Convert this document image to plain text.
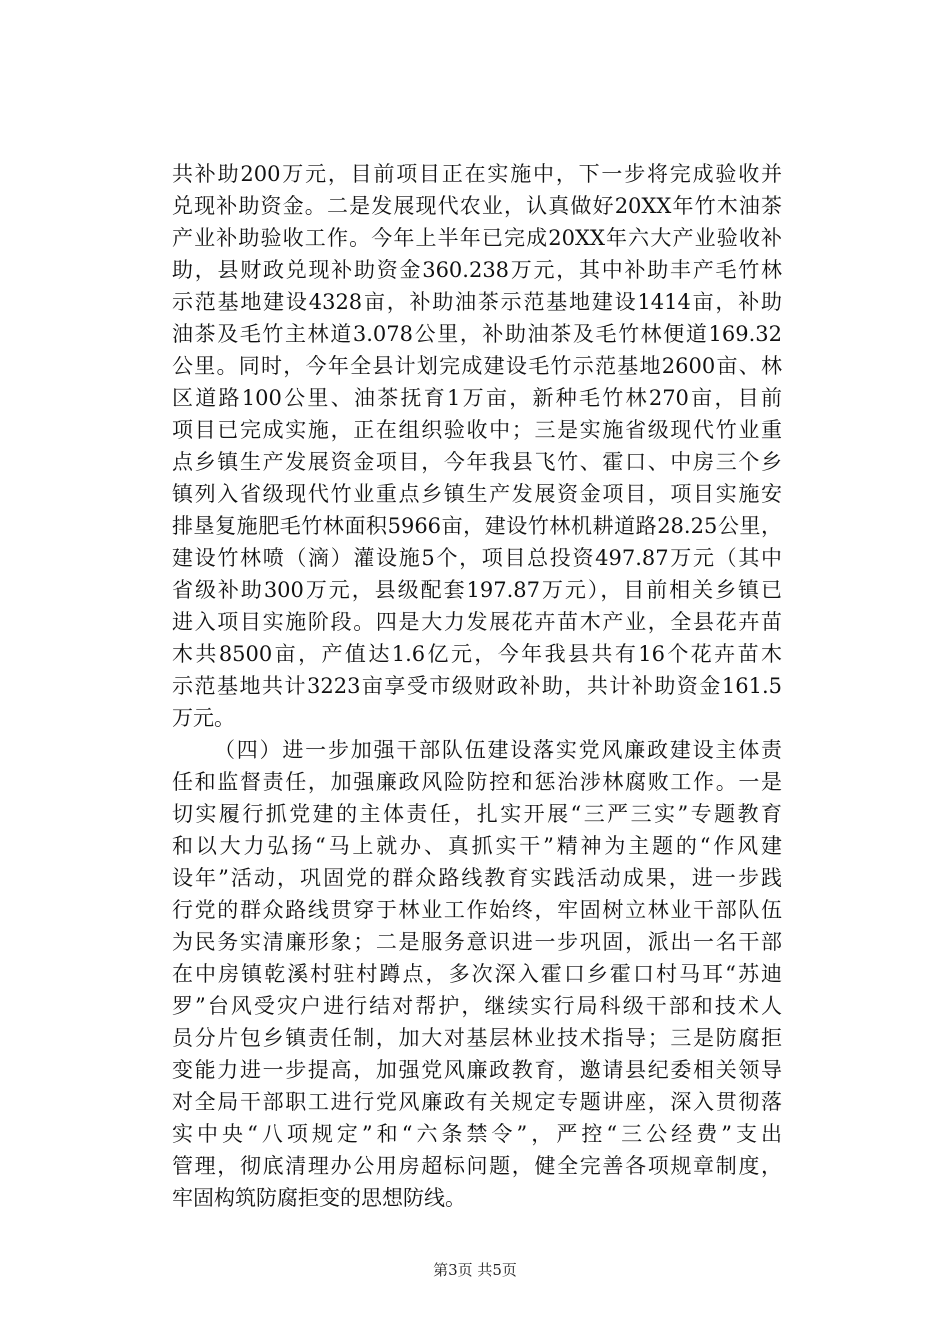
共补助200万元，目前项目正在实施中，下一步将完成验收并
兑现补助资金。二是发展现代农业，认真做好20XX年竹木油茶
产业补助验收工作。今年上半年已完成20XX年六大产业验收补
助，县财政兑现补助资金360.238万元，其中补助丰产毛竹林
示范基地建设4328亩，补助油茶示范基地建设1414亩，补助
油茶及毛竹主林道3.078公里，补助油茶及毛竹林便道169.32
公里。同时，今年全县计划完成建设毛竹示范基地2600亩、林
区道路100公里、油茶抚育1万亩，新种毛竹林270亩，目前
项目已完成实施，正在组织验收中；三是实施省级现代竹业重
点乡镇生产发展资金项目，今年我县飞竹、霍口、中房三个乡
镇列入省级现代竹业重点乡镇生产发展资金项目，项目实施安
排垦复施肥毛竹林面积5966亩，建设竹林机耕道路28.25公里，
建设竹林喷（滴）灌设施5个，项目总投资497.87万元（其中
省级补助300万元，县级配套197.87万元），目前相关乡镇已
进入项目实施阶段。四是大力发展花卉苗木产业，全县花卉苗
木共8500亩，产值达1.6亿元，今年我县共有16个花卉苗木
示范基地共计3223亩享受市级财政补助，共计补助资金161.5
万元。
（四）进一步加强干部队伍建设落实党风廉政建设主体责
任和监督责任，加强廉政风险防控和惩治涉林腐败工作。一是
切实履行抓党建的主体责任，扎实开展“三严三实”专题教育
和以大力弘扬“马上就办、真抓实干”精神为主题的“作风建
设年”活动，巩固党的群众路线教育实践活动成果，进一步践
行党的群众路线贯穿于林业工作始终，牢固树立林业干部队伍
为民务实清廉形象；二是服务意识进一步巩固，派出一名干部
在中房镇乾溪村驻村蹲点，多次深入霍口乡霍口村马耳“苏迪
罗”台风受灾户进行结对帮护，继续实行局科级干部和技术人
员分片包乡镇责任制，加大对基层林业技术指导；三是防腐拒
变能力进一步提高，加强党风廉政教育，邀请县纪委相关领导
对全局干部职工进行党风廉政有关规定专题讲座，深入贯彻落
实中央“八项规定”和“六条禁令”，严控“三公经费”支出
管理，彻底清理办公用房超标问题，健全完善各项规章制度，
牢固构筑防腐拒变的思想防线。
第3页 共5页
